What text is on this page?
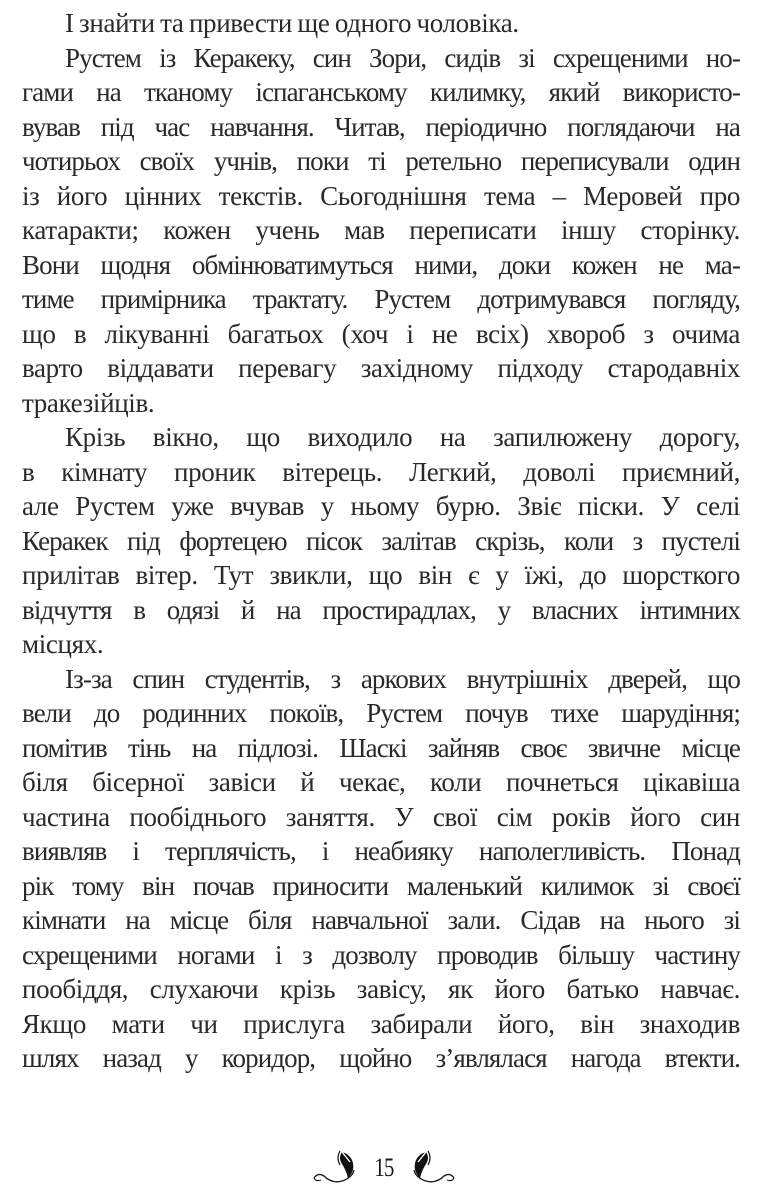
І знайти та привести ще одного чоловіка.
Рустем із Керакеку, син Зори, сидів зі схрещеними но-
гами на тканому іспаганському килимку, який використо-
вував під час навчання. Читав, періодично поглядаючи на
чотирьох своїх учнів, поки ті ретельно переписували один
із його цінних текстів. Сьогоднішня тема – Меровей про
катаракти; кожен учень мав переписати іншу сторінку.
Вони щодня обмінюватимуться ними, доки кожен не ма-
тиме примірника трактату. Рустем дотримувався погляду,
що в лікуванні багатьох (хоч і не всіх) хвороб з очима
варто віддавати перевагу західному підходу стародавніх
тракезійців.
Крізь вікно, що виходило на запилюжену дорогу,
в кімнату проник вітерець. Легкий, доволі приємний,
але Рустем уже вчував у ньому бурю. Звіє піски. У селі
Керакек під фортецею пісок залітав скрізь, коли з пустелі
прилітав вітер. Тут звикли, що він є у їжі, до шорсткого
відчуття в одязі й на простирадлах, у власних інтимних
місцях.
Із-за спин студентів, з аркових внутрішніх дверей, що
вели до родинних покоїв, Рустем почув тихе шарудіння;
помітив тінь на підлозі. Шаскі зайняв своє звичне місце
біля бісерної завіси й чекає, коли почнеться цікавіша
частина пообіднього заняття. У свої сім років його син
виявляв і терплячість, і неабияку наполегливість. Понад
рік тому він почав приносити маленький килимок зі своєї
кімнати на місце біля навчальної зали. Сідав на нього зі
схрещеними ногами і з дозволу проводив більшу частину
пообіддя, слухаючи крізь завісу, як його батько навчає.
Якщо мати чи прислуга забирали його, він знаходив
шлях назад у коридор, щойно з’являлася нагода втекти.
15
